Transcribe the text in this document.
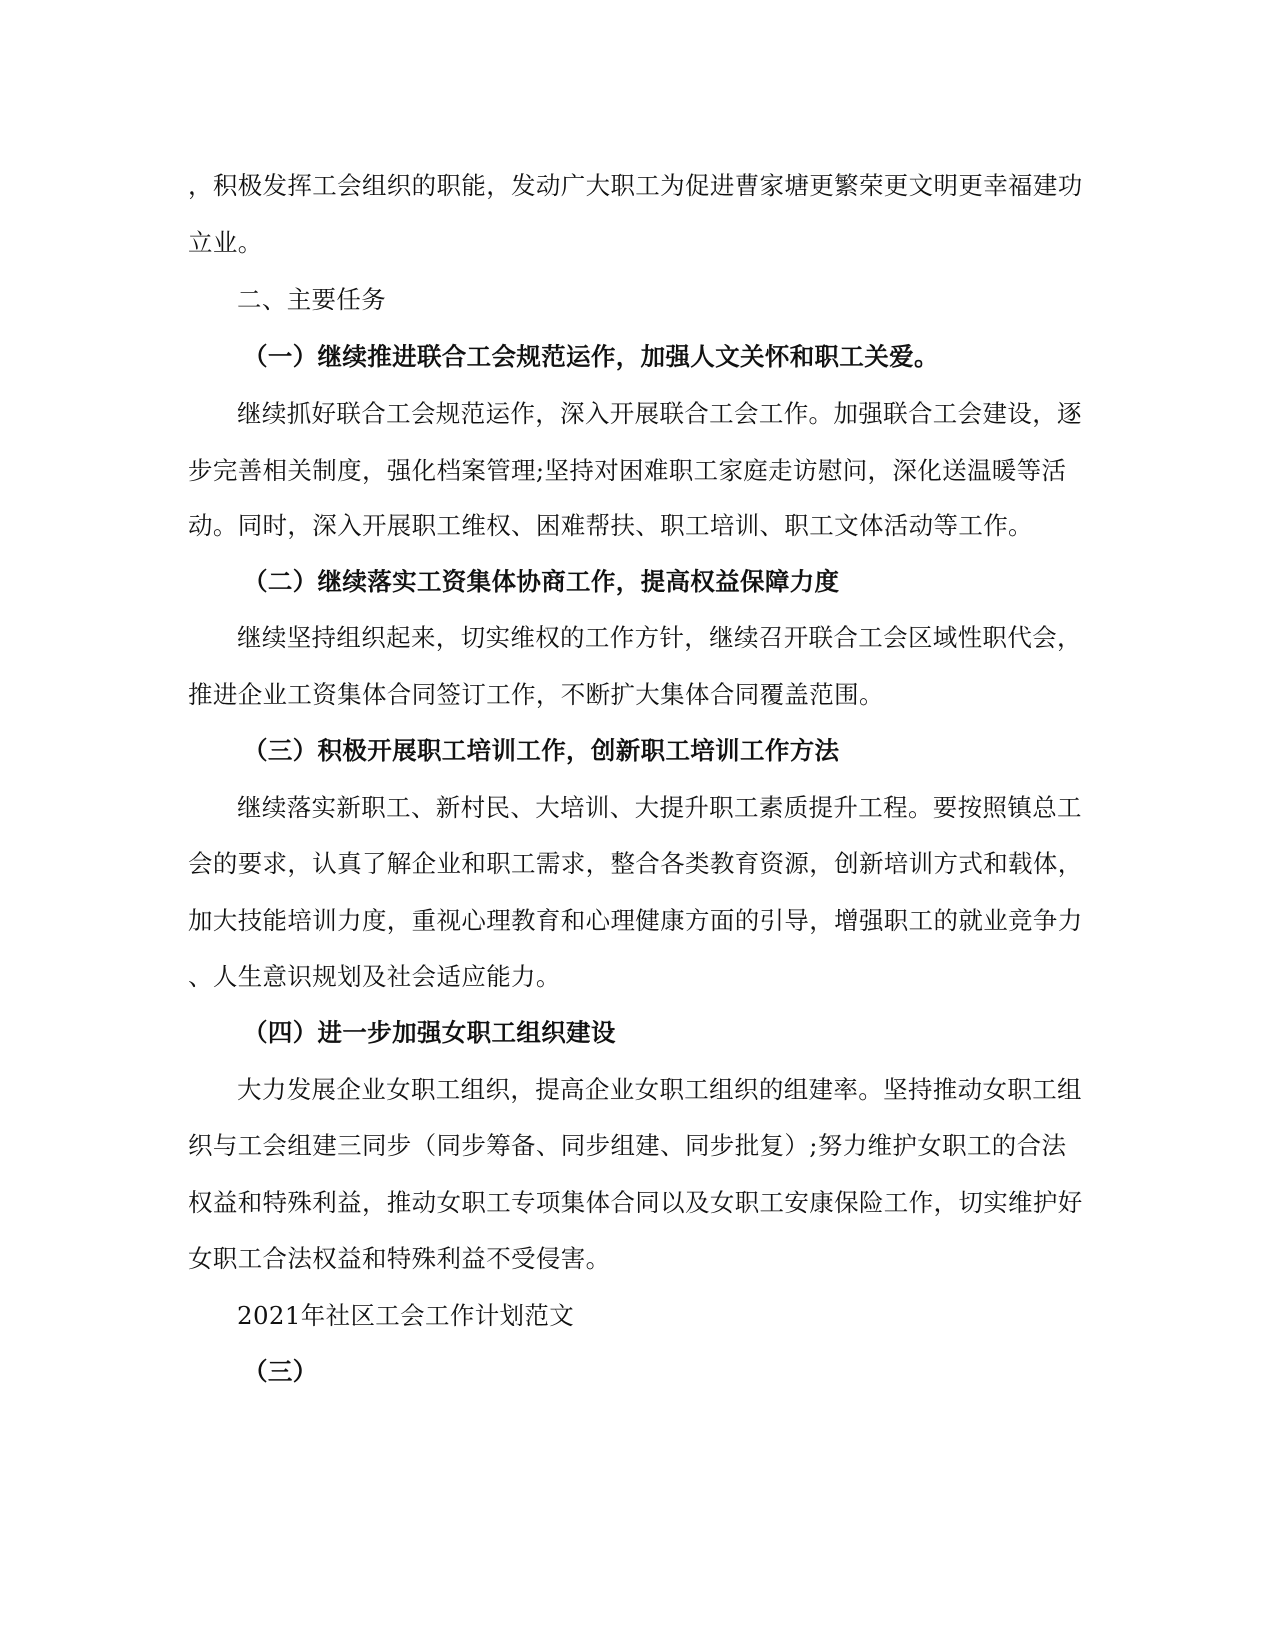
，积极发挥工会组织的职能，发动广大职工为促进曹家塘更繁荣更文明更幸福建功
立业。
二、主要任务
（一）继续推进联合工会规范运作，加强人文关怀和职工关爱。
继续抓好联合工会规范运作，深入开展联合工会工作。加强联合工会建设，逐
步完善相关制度，强化档案管理;坚持对困难职工家庭走访慰问，深化送温暖等活
动。同时，深入开展职工维权、困难帮扶、职工培训、职工文体活动等工作。
（二）继续落实工资集体协商工作，提高权益保障力度
继续坚持组织起来，切实维权的工作方针，继续召开联合工会区域性职代会，
推进企业工资集体合同签订工作，不断扩大集体合同覆盖范围。
（三）积极开展职工培训工作，创新职工培训工作方法
继续落实新职工、新村民、大培训、大提升职工素质提升工程。要按照镇总工
会的要求，认真了解企业和职工需求，整合各类教育资源，创新培训方式和载体，
加大技能培训力度，重视心理教育和心理健康方面的引导，增强职工的就业竞争力
、人生意识规划及社会适应能力。
（四）进一步加强女职工组织建设
大力发展企业女职工组织，提高企业女职工组织的组建率。坚持推动女职工组
织与工会组建三同步（同步筹备、同步组建、同步批复）;努力维护女职工的合法
权益和特殊利益，推动女职工专项集体合同以及女职工安康保险工作，切实维护好
女职工合法权益和特殊利益不受侵害。
2021年社区工会工作计划范文
（三）
